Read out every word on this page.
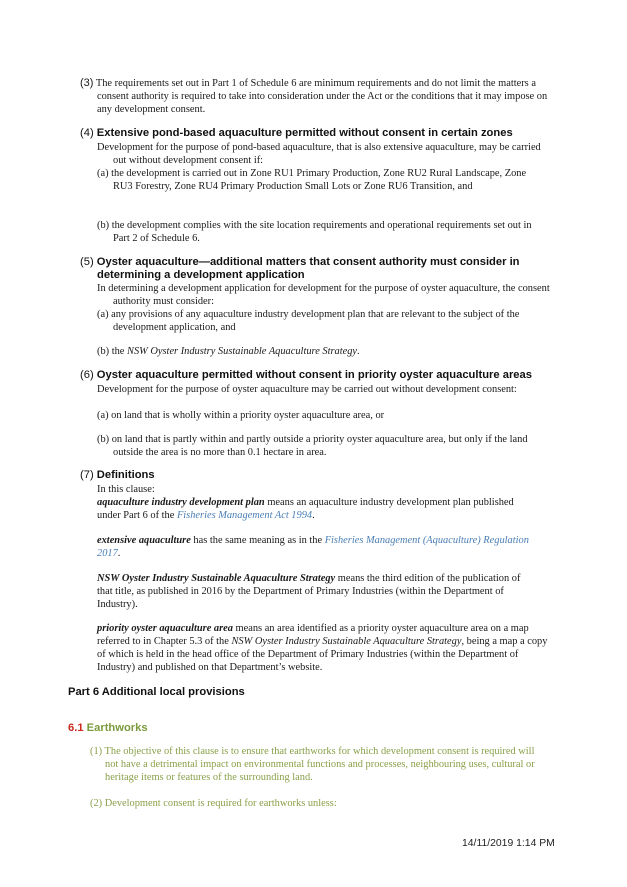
(3) The requirements set out in Part 1 of Schedule 6 are minimum requirements and do not limit the matters a consent authority is required to take into consideration under the Act or the conditions that it may impose on any development consent.
(4) Extensive pond-based aquaculture permitted without consent in certain zones
Development for the purpose of pond-based aquaculture, that is also extensive aquaculture, may be carried out without development consent if:
(a) the development is carried out in Zone RU1 Primary Production, Zone RU2 Rural Landscape, Zone RU3 Forestry, Zone RU4 Primary Production Small Lots or Zone RU6 Transition, and
(b) the development complies with the site location requirements and operational requirements set out in Part 2 of Schedule 6.
(5) Oyster aquaculture—additional matters that consent authority must consider in determining a development application
In determining a development application for development for the purpose of oyster aquaculture, the consent authority must consider:
(a) any provisions of any aquaculture industry development plan that are relevant to the subject of the development application, and
(b) the NSW Oyster Industry Sustainable Aquaculture Strategy.
(6) Oyster aquaculture permitted without consent in priority oyster aquaculture areas
Development for the purpose of oyster aquaculture may be carried out without development consent:
(a) on land that is wholly within a priority oyster aquaculture area, or
(b) on land that is partly within and partly outside a priority oyster aquaculture area, but only if the land outside the area is no more than 0.1 hectare in area.
(7) Definitions
In this clause:
aquaculture industry development plan means an aquaculture industry development plan published under Part 6 of the Fisheries Management Act 1994.
extensive aquaculture has the same meaning as in the Fisheries Management (Aquaculture) Regulation 2017.
NSW Oyster Industry Sustainable Aquaculture Strategy means the third edition of the publication of that title, as published in 2016 by the Department of Primary Industries (within the Department of Industry).
priority oyster aquaculture area means an area identified as a priority oyster aquaculture area on a map referred to in Chapter 5.3 of the NSW Oyster Industry Sustainable Aquaculture Strategy, being a map a copy of which is held in the head office of the Department of Primary Industries (within the Department of Industry) and published on that Department’s website.
Part 6 Additional local provisions
6.1 Earthworks
(1) The objective of this clause is to ensure that earthworks for which development consent is required will not have a detrimental impact on environmental functions and processes, neighbouring uses, cultural or heritage items or features of the surrounding land.
(2) Development consent is required for earthworks unless:
14/11/2019 1:14 PM
